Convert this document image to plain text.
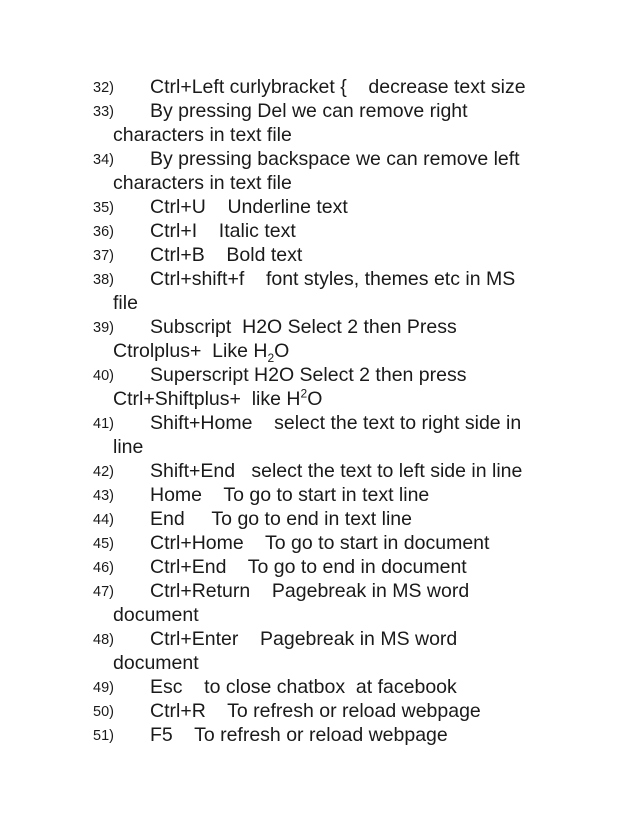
32) Ctrl+Left curlybracket {    decrease text size
33) By pressing Del we can remove right
characters in text file
34) By pressing backspace we can remove left
characters in text file
35) Ctrl+U    Underline text
36) Ctrl+I    Italic text
37) Ctrl+B    Bold text
38) Ctrl+shift+f    font styles, themes etc in MS
file
39) Subscript  H2O Select 2 then Press
Ctrolplus+  Like $H_2O$
40) Superscript H2O Select 2 then press
Ctrl+Shiftplus+  like $H^2O$
41) Shift+Home    select the text to right side in
line
42) Shift+End   select the text to left side in line
43) Home    To go to start in text line
44) End     To go to end in text line
45) Ctrl+Home    To go to start in document
46) Ctrl+End    To go to end in document
47) Ctrl+Return    Pagebreak in MS word
document
48) Ctrl+Enter    Pagebreak in MS word
document
49) Esc    to close chatbox  at facebook
50) Ctrl+R    To refresh or reload webpage
51) F5    To refresh or reload webpage
